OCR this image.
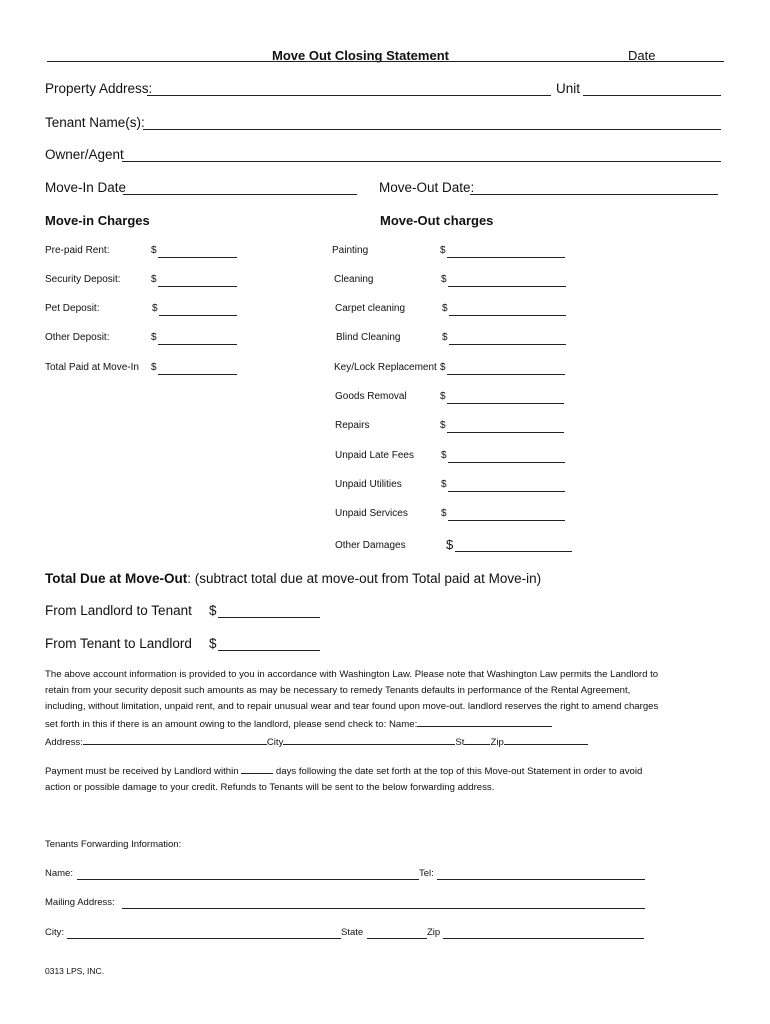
Move Out Closing Statement	Date
Property Address:	Unit
Tenant Name(s):
Owner/Agent
Move-In Date	Move-Out Date:
Move-in Charges	Move-Out charges
Pre-paid Rent:	$
Security Deposit:	$
Pet Deposit:	$
Other Deposit:	$
Total Paid at Move-In $
Painting	$
Cleaning	$
Carpet cleaning	$
Blind Cleaning	$
Key/Lock Replacement $
Goods Removal	$
Repairs	$
Unpaid Late Fees	$
Unpaid Utilities	$
Unpaid Services	$
Other Damages	$
Total Due at Move-Out: (subtract total due at move-out from Total paid at Move-in)
From Landlord to Tenant $
From Tenant to Landlord $
The above account information is provided to you in accordance with Washington Law. Please note that Washington Law permits the Landlord to
retain from your security deposit such amounts as may be necessary to remedy Tenants defaults in performance of the Rental Agreement,
including, without limitation, unpaid rent, and to repair unusual wear and tear found upon move-out. landlord reserves the right to amend charges
set forth in this if there is an amount owing to the landlord, please send check to: Name:
Address:	City	St	Zip
Payment must be received by Landlord within	days following the date set forth at the top of this Move-out Statement in order to avoid
action or possible damage to your credit. Refunds to Tenants will be sent to the below forwarding address.
Tenants Forwarding Information:
Name:	Tel:
Mailing Address:
City:	State	Zip
0313 LPS, INC.
